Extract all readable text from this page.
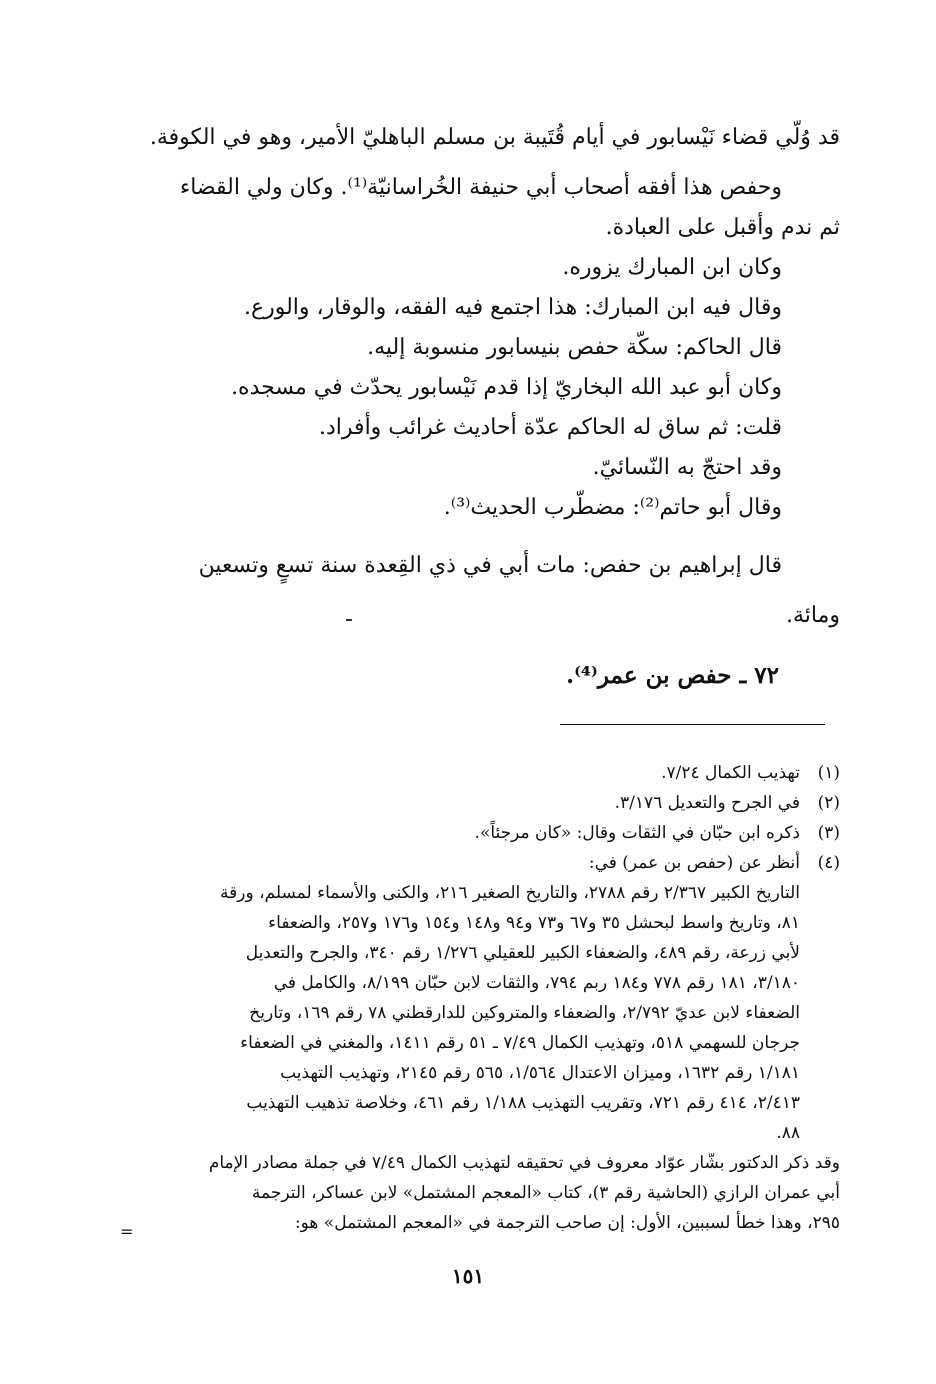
قد وُلّي قضاء نَيْسابور في أيام قُتَيبة بن مسلم الباهليّ الأمير، وهو في الكوفة.

وحفص هذا أفقه أصحاب أبي حنيفة الخُراسانيّة⁽¹⁾. وكان ولي القضاء

ثم ندم وأقبل على العبادة.

وكان ابن المبارك يزوره.

وقال فيه ابن المبارك: هذا اجتمع فيه الفقه، والوقار، والورع.

قال الحاكم: سكّة حفص بنيسابور منسوبة إليه.

وكان أبو عبد الله البخاريّ إذا قدم نَيْسابور يحدّث في مسجده.

قلت: ثم ساق له الحاكم عدّة أحاديث غرائب وأفراد.

وقد احتجّ به النّسائيّ.

وقال أبو حاتم⁽²⁾: مضطّرب الحديث⁽³⁾.

قال إبراهيم بن حفص: مات أبي في ذي القِعدة سنة تسعٍ وتسعين

ومائة.

٧٢ ـ حفص بن عمر⁽⁴⁾.
(١)
تهذيب الكمال ٧/٢٤.
(٢)
في الجرح والتعديل ٣/١٧٦.
(٣)
ذكره ابن حبّان في الثقات وقال: «كان مرجئاً».
(٤)
أنظر عن (حفص بن عمر) في:
التاريخ الكبير ٢/٣٦٧ رقم ٢٧٨٨، والتاريخ الصغير ٢١٦، والكنى والأسماء لمسلم، ورقة
٨١، وتاريخ واسط لبحشل ٣٥ و٦٧ و٧٣ و٩٤ و١٤٨ و١٥٤ و١٧٦ و٢٥٧، والضعفاء
لأبي زرعة، رقم ٤٨٩، والضعفاء الكبير للعقيلي ١/٢٧٦ رقم ٣٤٠، والجرح والتعديل
٣/١٨٠، ١٨١ رقم ٧٧٨ و١٨٤ ربم ٧٩٤، والثقات لابن حبّان ٨/١٩٩، والكامل في
الضعفاء لابن عديّ ٢/٧٩٢، والضعفاء والمتروكين للدارقطني ٧٨ رقم ١٦٩، وتاريخ
جرجان للسهمي ٥١٨، وتهذيب الكمال ٧/٤٩ ـ ٥١ رقم ١٤١١، والمغني في الضعفاء
١/١٨١ رقم ١٦٣٢، وميزان الاعتدال ١/٥٦٤، ٥٦٥ رقم ٢١٤٥، وتهذيب التهذيب
٢/٤١٣، ٤١٤ رقم ٧٢١، وتقريب التهذيب ١/١٨٨ رقم ٤٦١، وخلاصة تذهيب التهذيب
٨٨.
وقد ذكر الدكتور بشّار عوّاد معروف في تحقيقه لتهذيب الكمال ٧/٤٩ في جملة مصادر الإمام
أبي عمران الرازي (الحاشية رقم ٣)، كتاب «المعجم المشتمل» لابن عساكر، الترجمة
٢٩٥، وهذا خطأ لسببين، الأول: إن صاحب الترجمة في «المعجم المشتمل» هو:
=
١٥١
